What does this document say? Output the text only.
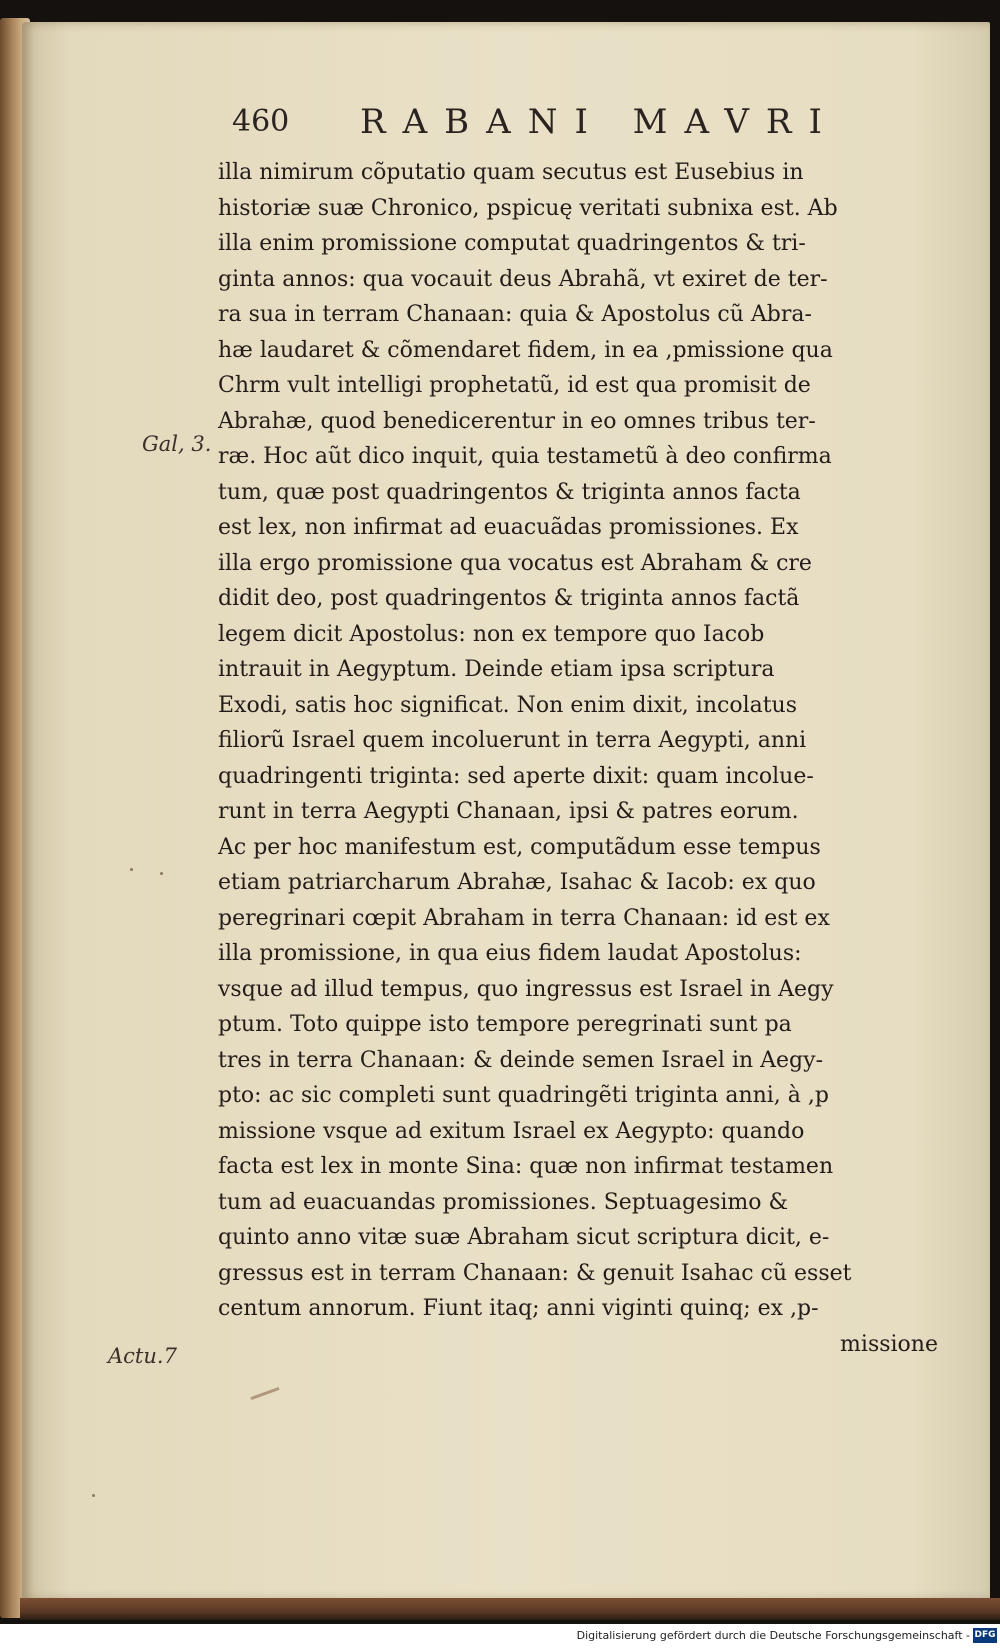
460 RABANI MAVRI
Gal, 3.
Actu.7
illa nimirum cõputatio quam secutus est Eusebius in
historiæ suæ Chronico, pspicuę veritati subnixa est. Ab
illa enim promissione computat quadringentos & tri-
ginta annos: qua vocauit deus Abrahã, vt exiret de ter-
ra sua in terram Chanaan: quia & Apostolus cũ Abra-
hæ laudaret & cõmendaret fidem, in ea ,pmissione qua
Chrm vult intelligi prophetatũ, id est qua promisit de
Abrahæ, quod benedicerentur in eo omnes tribus ter-
ræ. Hoc aũt dico inquit, quia testametũ à deo confirma
tum, quæ post quadringentos & triginta annos facta
est lex, non infirmat ad euacuãdas promissiones. Ex
illa ergo promissione qua vocatus est Abraham & cre
didit deo, post quadringentos & triginta annos factã
legem dicit Apostolus: non ex tempore quo Iacob
intrauit in Aegyptum. Deinde etiam ipsa scriptura
Exodi, satis hoc significat. Non enim dixit, incolatus
filiorũ Israel quem incoluerunt in terra Aegypti, anni
quadringenti triginta: sed aperte dixit: quam incolue-
runt in terra Aegypti Chanaan, ipsi & patres eorum.
Ac per hoc manifestum est, computãdum esse tempus
etiam patriarcharum Abrahæ, Isahac & Iacob: ex quo
peregrinari cœpit Abraham in terra Chanaan: id est ex
illa promissione, in qua eius fidem laudat Apostolus:
vsque ad illud tempus, quo ingressus est Israel in Aegy
ptum. Toto quippe isto tempore peregrinati sunt pa
tres in terra Chanaan: & deinde semen Israel in Aegy-
pto: ac sic completi sunt quadringẽti triginta anni, à ,p
missione vsque ad exitum Israel ex Aegypto: quando
facta est lex in monte Sina: quæ non infirmat testamen
tum ad euacuandas promissiones. Septuagesimo &
quinto anno vitæ suæ Abraham sicut scriptura dicit, e-
gressus est in terram Chanaan: & genuit Isahac cũ esset
centum annorum. Fiunt itaq; anni viginti quinq; ex ,p-
missione
Digitalisierung gefördert durch die Deutsche Forschungsgemeinschaft - DFG
